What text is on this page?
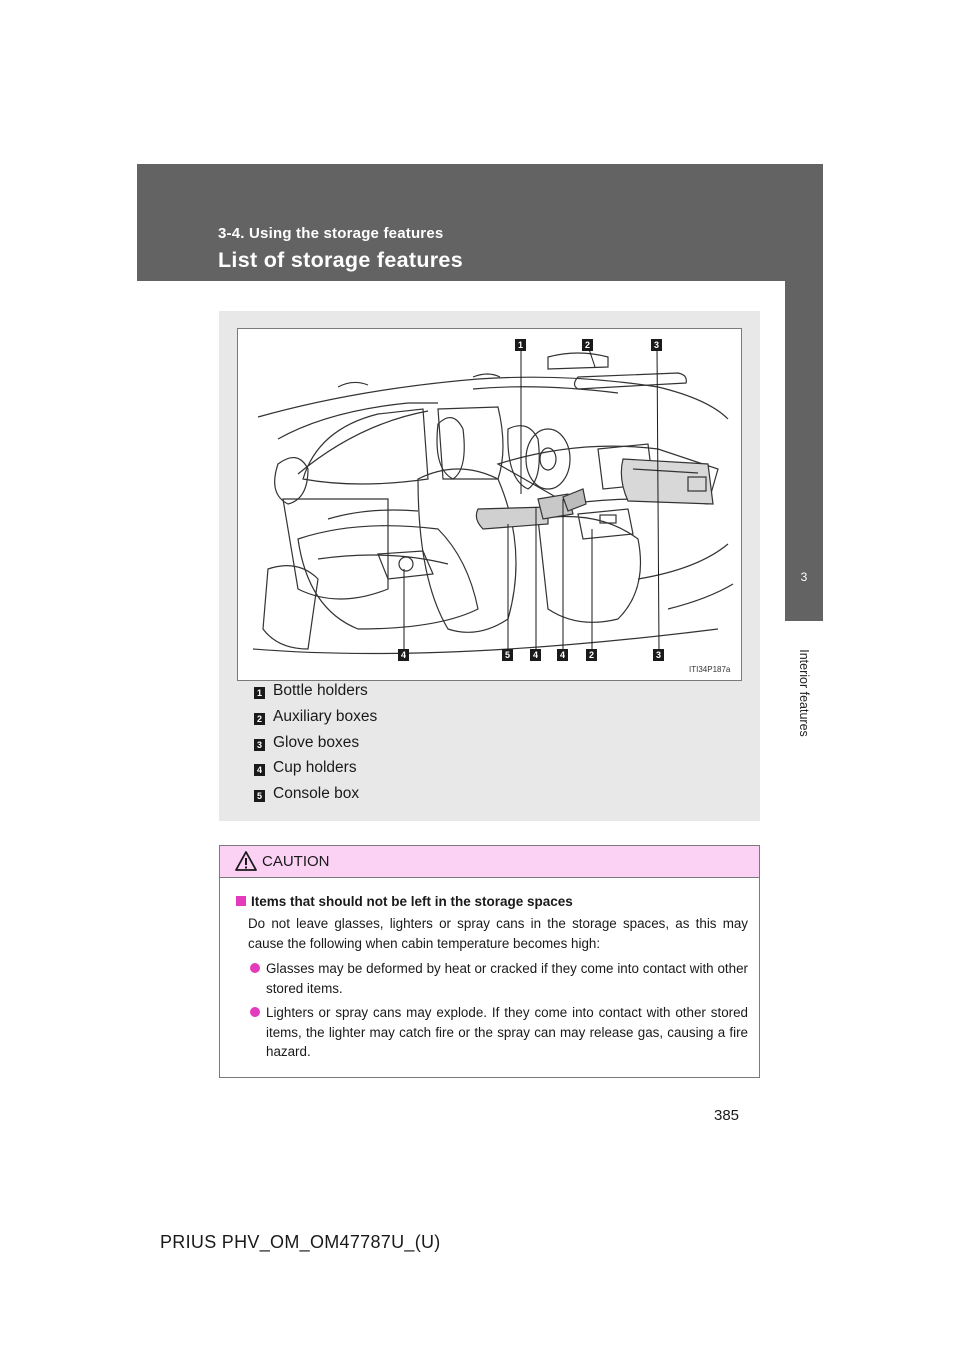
3-4. Using the storage features
List of storage features
3
Interior features
1	2	3
4	5	4	4	2	3
ITI34P187a
1 Bottle holders
2 Auxiliary boxes
3 Glove boxes
4 Cup holders
5 Console box
CAUTION
Items that should not be left in the storage spaces
Do not leave glasses, lighters or spray cans in the storage spaces, as this may cause the following when cabin temperature becomes high:
Glasses may be deformed by heat or cracked if they come into contact with other stored items.
Lighters or spray cans may explode. If they come into contact with other stored items, the lighter may catch fire or the spray can may release gas, causing a fire hazard.
385
PRIUS PHV_OM_OM47787U_(U)
